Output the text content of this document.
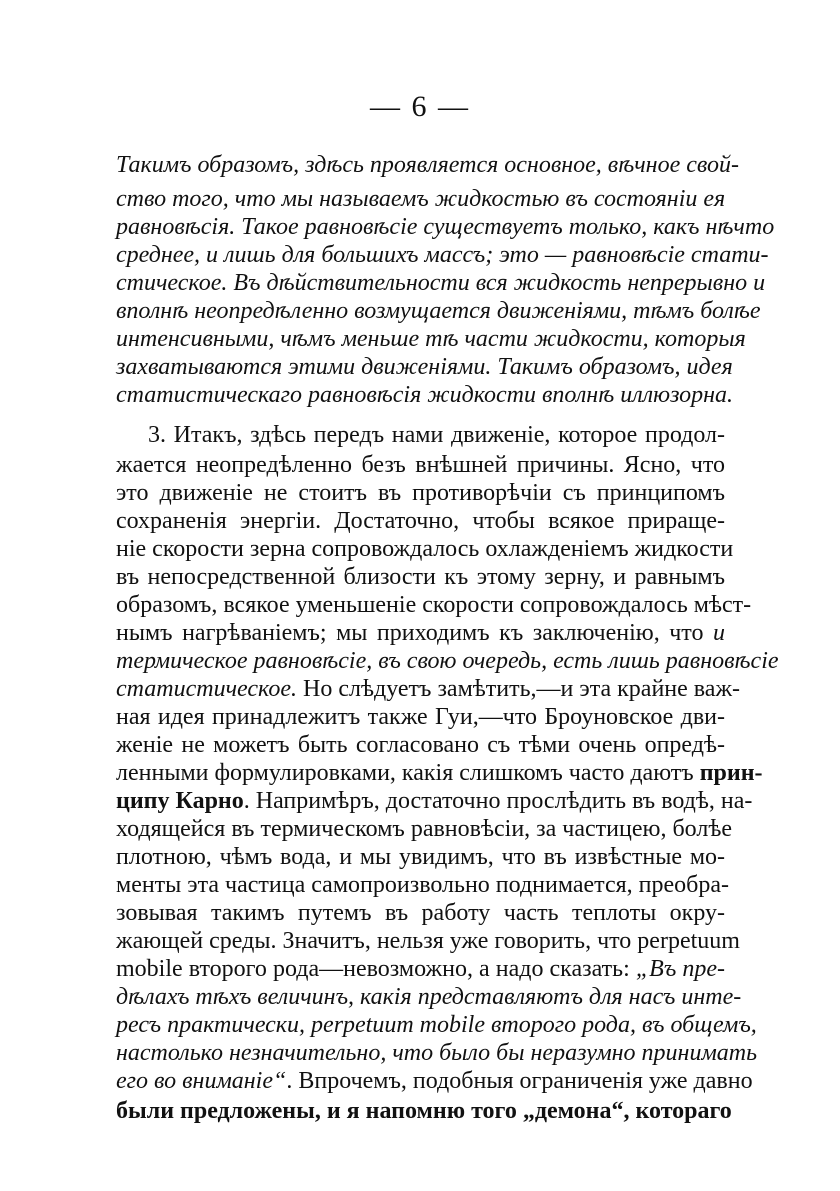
— 6 —
Такимъ образомъ, здѣсь проявляется основное, вѣчное свой-
ство того, что мы называемъ жидкостью въ состоянiи ея
равновѣсiя. Такое равновѣсiе существуетъ только, какъ нѣчто
среднее, и лишь для большихъ массъ; это — равновѣсiе стати-
стическое. Въ дѣйствительности вся жидкость непрерывно и
вполнѣ неопредѣленно возмущается движенiями, тѣмъ болѣе
интенсивными, чѣмъ меньше тѣ части жидкости, которыя
захватываются этими движенiями. Такимъ образомъ, идея
статистическаго равновѣсiя жидкости вполнѣ иллюзорна.
3. Итакъ, здѣсь передъ нами движенiе, которое продол-
жается неопредѣленно безъ внѣшней причины. Ясно, что
это движенiе не стоитъ въ противорѣчiи съ принципомъ
сохраненiя энергiи. Достаточно, чтобы всякое прираще-
нiе скорости зерна сопровождалось охлажденiемъ жидкости
въ непосредственной близости къ этому зерну, и равнымъ
образомъ, всякое уменьшенiе скорости сопровождалось мѣст-
нымъ нагрѣванiемъ; мы приходимъ къ заключенiю, что и
термическое равновѣсiе, въ свою очередь, есть лишь равновѣсiе
статистическое. Но слѣдуетъ замѣтить,—и эта крайне важ-
ная идея принадлежитъ также Гуи,—что Броуновское дви-
женiе не можетъ быть согласовано съ тѣми очень опредѣ-
ленными формулировками, какiя слишкомъ часто даютъ прин-
ципу Карно. Напримѣръ, достаточно прослѣдить въ водѣ, на-
ходящейся въ термическомъ равновѣсiи, за частицею, болѣе
плотною, чѣмъ вода, и мы увидимъ, что въ извѣстные мо-
менты эта частица самопроизвольно поднимается, преобра-
зовывая такимъ путемъ въ работу часть теплоты окру-
жающей среды. Значитъ, нельзя уже говорить, что perpetuum
mobile второго рода—невозможно, а надо сказать: „Въ пре-
дѣлахъ тѣхъ величинъ, какiя представляютъ для насъ инте-
ресъ практически, perpetuum mobile второго рода, въ общемъ,
настолько незначительно, что было бы неразумно принимать
его во вниманiе“. Впрочемъ, подобныя ограниченiя уже давно
были предложены, и я напомню того „демона“, котораго
